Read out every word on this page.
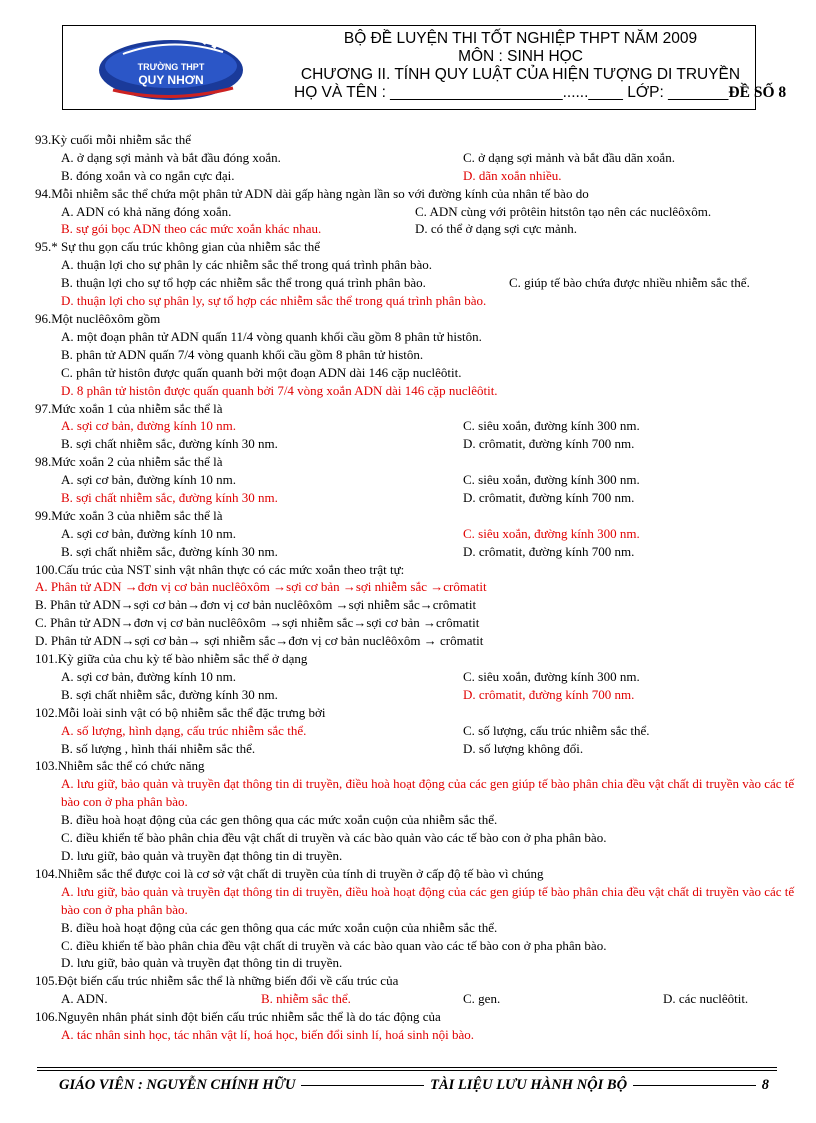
TRƯỜNG THPT
QUY NHƠN
BỘ ĐỀ LUYỆN THI TỐT NGHIỆP THPT NĂM 2009
MÔN : SINH HỌC
CHƯƠNG II. TÍNH QUY LUẬT CỦA HIỆN TƯỢNG DI TRUYỀN
HỌ VÀ TÊN : ____________________......____ LỚP: _______ ĐỀ SỐ 8
93.Kỳ cuối mỗi nhiễm sắc thể
A. ở dạng sợi mảnh và bắt đầu đóng xoắn.	C. ở dạng sợi mảnh và bắt đầu dãn xoắn.
B. đóng xoắn và co ngắn cực đại.	D. dãn xoắn nhiều.
94.Mỗi nhiễm sắc thể chứa một phân tử ADN dài gấp hàng ngàn lần so với đường kính của nhân tế bào do
A. ADN có khả năng đóng xoắn.	C. ADN cùng với prôtêin hitstôn tạo nên các nuclêôxôm.
B. sự gói bọc ADN theo các mức xoắn khác nhau.	D. có thể ở dạng sợi cực mảnh.
95.* Sự thu gọn cấu trúc không gian của nhiễm sắc thể
A. thuận lợi cho sự phân ly các nhiễm sắc thể trong quá trình phân bào.
B. thuận lợi cho sự tổ hợp các nhiễm sắc thể trong quá trình phân bào.	C. giúp tế bào chứa được nhiều nhiễm sắc thể.
D. thuận lợi cho sự phân ly, sự tổ hợp các nhiễm sắc thể trong quá trình phân bào.
96.Một nuclêôxôm gồm
A. một đoạn phân tử ADN quấn 11/4 vòng quanh khối cầu gồm 8 phân tử histôn.
B. phân tử ADN quấn 7/4 vòng quanh khối cầu gồm 8 phân tử histôn.
C. phân tử histôn được quấn quanh bởi một đoạn ADN dài 146 cặp nuclêôtit.
D. 8 phân tử histôn được quấn quanh bởi 7/4 vòng xoắn ADN dài 146 cặp nuclêôtit.
97.Mức xoắn 1 của nhiễm sắc thể là
A. sợi cơ bản, đường kính 10 nm.	C. siêu xoắn, đường kính 300 nm.
B. sợi chất nhiễm sắc, đường kính 30 nm.	D. crômatit, đường kính 700 nm.
98.Mức xoắn 2 của nhiễm sắc thể là
A. sợi cơ bản, đường kính 10 nm.	C. siêu xoắn, đường kính 300 nm.
B. sợi chất nhiễm sắc, đường kính 30 nm.	D. crômatit, đường kính 700 nm.
99.Mức xoắn 3 của nhiễm sắc thể là
A. sợi cơ bản, đường kính 10 nm.	C. siêu xoắn, đường kính 300 nm.
B. sợi chất nhiễm sắc, đường kính 30 nm.	D. crômatit, đường kính 700 nm.
100.Cấu trúc của NST sinh vật nhân thực có các mức xoắn theo trật tự:
A. Phân tử ADN →đơn vị cơ bản nuclêôxôm →sợi cơ bản →sợi nhiễm sắc →crômatit
B. Phân tử ADN→sợi cơ bản→đơn vị cơ bản nuclêôxôm →sợi nhiễm sắc→crômatit
C. Phân tử ADN→đơn vị cơ bản nuclêôxôm →sợi nhiễm sắc→sợi cơ bản →crômatit
D. Phân tử ADN→sợi cơ bản→ sợi nhiễm sắc→đơn vị cơ bản nuclêôxôm → crômatit
101.Kỳ giữa của chu kỳ tế bào nhiễm sắc thể ở dạng
A. sợi cơ bản, đường kính 10 nm.	C. siêu xoắn, đường kính 300 nm.
B. sợi chất nhiễm sắc, đường kính 30 nm.	D. crômatit, đường kính 700 nm.
102.Mỗi loài sinh vật có bộ nhiễm sắc thể đặc trưng bởi
A. số lượng, hình dạng, cấu trúc nhiễm sắc thể.	C. số lượng, cấu trúc nhiễm sắc thể.
B. số lượng , hình thái nhiễm sắc thể.	D. số lượng không đổi.
103.Nhiễm sắc thể có chức năng
A. lưu giữ, bảo quản và truyền đạt thông tin di truyền, điều hoà hoạt động của các gen giúp tế bào phân chia đều vật chất di truyền vào các tế bào con ở pha phân bào.
B. điều hoà hoạt động của các gen thông qua các mức xoắn cuộn của nhiễm sắc thể.
C. điều khiển tế bào phân chia đều vật chất di truyền và các bào quản vào các tế bào con ở pha phân bào.
D. lưu giữ, bảo quản và truyền đạt thông tin di truyền.
104.Nhiễm sắc thể được coi là cơ sở vật chất di truyền của tính di truyền ở cấp độ tế bào vì chúng
A. lưu giữ, bảo quản và truyền đạt thông tin di truyền, điều hoà hoạt động của các gen giúp tế bào phân chia đều vật chất di truyền vào các tế bào con ở pha phân bào.
B. điều hoà hoạt động của các gen thông qua các mức xoắn cuộn của nhiễm sắc thể.
C. điều khiển tế bào phân chia đều vật chất di truyền và các bào quan vào các tế bào con ở pha phân bào.
D. lưu giữ, bảo quản và truyền đạt thông tin di truyền.
105.Đột biến cấu trúc nhiễm sắc thể là những biến đổi về cấu trúc của
A. ADN.	B. nhiễm sắc thể.	C. gen.	D. các nuclêôtit.
106.Nguyên nhân phát sinh đột biến cấu trúc nhiễm sắc thể là do tác động của
A. tác nhân sinh học, tác nhân vật lí, hoá học, biến đổi sinh lí, hoá sinh nội bào.
GIÁO VIÊN : NGUYỄN CHÍNH HỮU	TÀI LIỆU LƯU HÀNH NỘI BỘ	8
